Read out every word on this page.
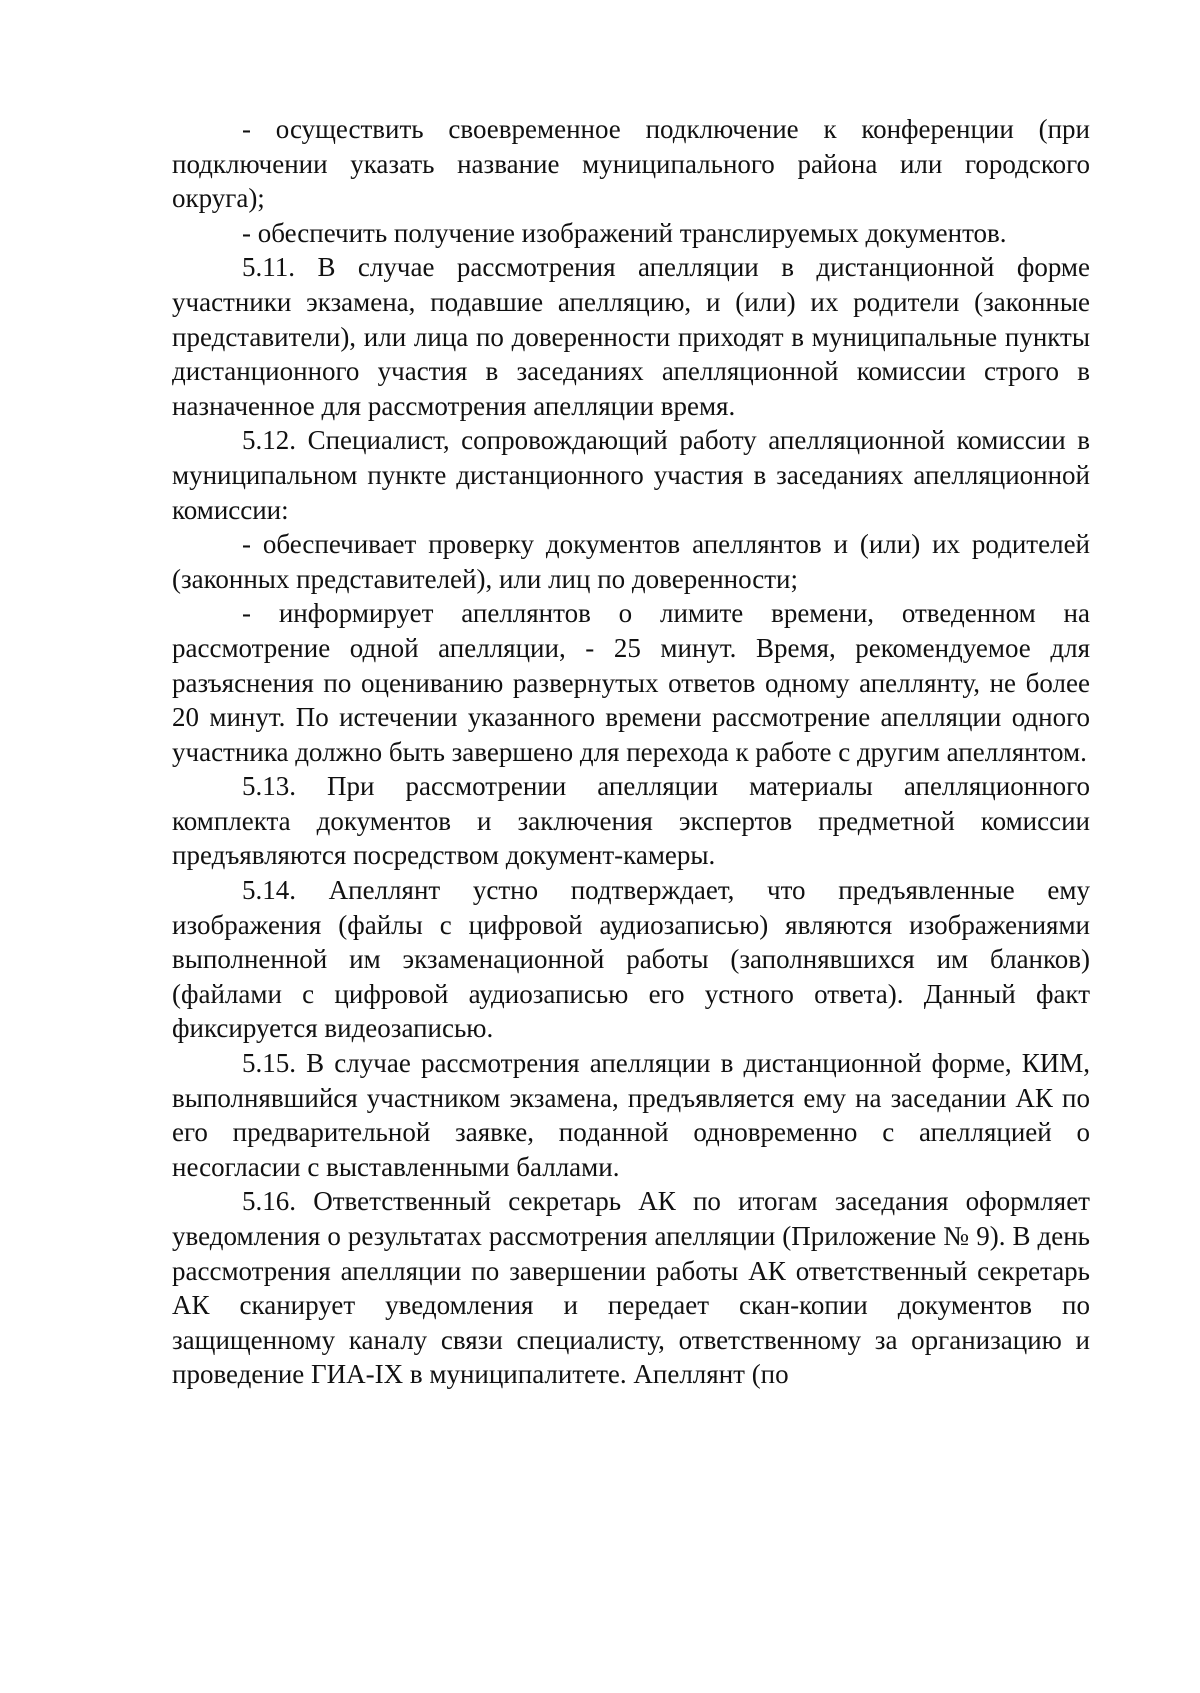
- осуществить своевременное подключение к конференции (при подключении указать название муниципального района или городского округа);

- обеспечить получение изображений транслируемых документов.

5.11. В случае рассмотрения апелляции в дистанционной форме участники экзамена, подавшие апелляцию, и (или) их родители (законные представители), или лица по доверенности приходят в муниципальные пункты дистанционного участия в заседаниях апелляционной комиссии строго в назначенное для рассмотрения апелляции время.

5.12. Специалист, сопровождающий работу апелляционной комиссии в муниципальном пункте дистанционного участия в заседаниях апелляционной комиссии:

- обеспечивает проверку документов апеллянтов и (или) их родителей (законных представителей), или лиц по доверенности;

- информирует апеллянтов о лимите времени, отведенном на рассмотрение одной апелляции, - 25 минут. Время, рекомендуемое для разъяснения по оцениванию развернутых ответов одному апеллянту, не более 20 минут. По истечении указанного времени рассмотрение апелляции одного участника должно быть завершено для перехода к работе с другим апеллянтом.

5.13. При рассмотрении апелляции материалы апелляционного комплекта документов и заключения экспертов предметной комиссии предъявляются посредством документ-камеры.

5.14. Апеллянт устно подтверждает, что предъявленные ему изображения (файлы с цифровой аудиозаписью) являются изображениями выполненной им экзаменационной работы (заполнявшихся им бланков) (файлами с цифровой аудиозаписью его устного ответа). Данный факт фиксируется видеозаписью.

5.15. В случае рассмотрения апелляции в дистанционной форме, КИМ, выполнявшийся участником экзамена, предъявляется ему на заседании АК по его предварительной заявке, поданной одновременно с апелляцией о несогласии с выставленными баллами.

5.16. Ответственный секретарь АК по итогам заседания оформляет уведомления о результатах рассмотрения апелляции (Приложение № 9). В день рассмотрения апелляции по завершении работы АК ответственный секретарь АК сканирует уведомления и передает скан-копии документов по защищенному каналу связи специалисту, ответственному за организацию и проведение ГИА-IX в муниципалитете. Апеллянт (по
